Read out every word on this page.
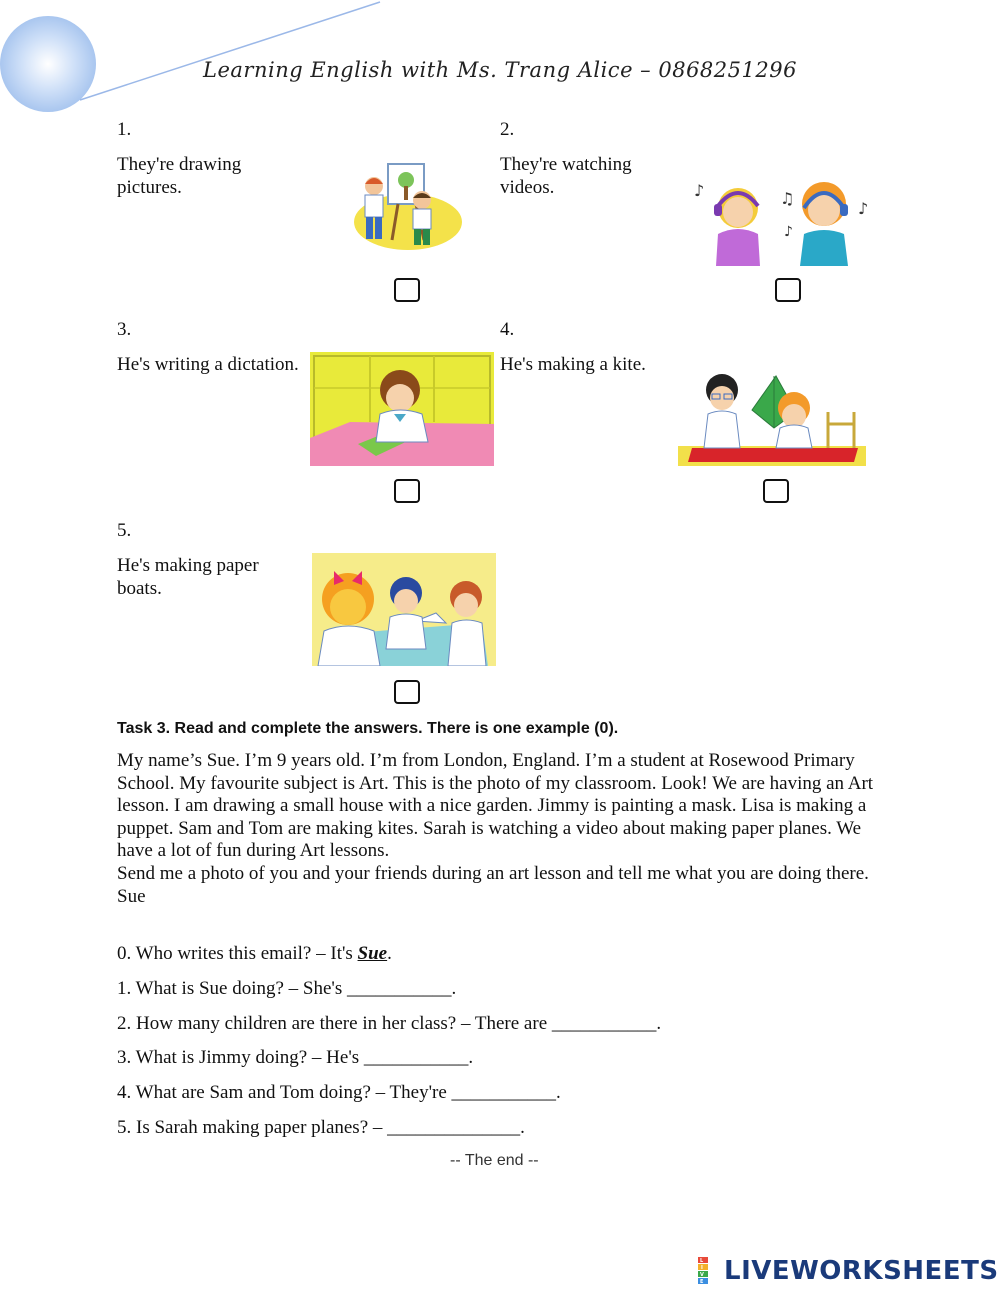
Learning English with Ms. Trang Alice – 0868251296
1.
They're drawing pictures.
2.
They're watching videos.	♪	♫
♪
♪
3.
He's writing a dictation.
4.
He's making a kite.
5.
He's making paper boats.
Task 3. Read and complete the answers. There is one example (0).
My name’s Sue. I’m 9 years old. I’m from London, England. I’m a student at Rosewood Primary School. My favourite subject is Art. This is the photo of my classroom. Look! We are having an Art lesson. I am drawing a small house with a nice garden. Jimmy is painting a mask. Lisa is making a puppet. Sam and Tom are making kites. Sarah is watching a video about making paper planes. We have a lot of fun during Art lessons.
Send me a photo of you and your friends during an art lesson and tell me what you are doing there.
Sue
0. Who writes this email? – It's Sue.
1. What is Sue doing? – She's ___________.
2. How many children are there in her class? – There are ___________.
3. What is Jimmy doing? – He's ___________.
4. What are Sam and Tom doing? – They're ___________.
5. Is Sarah making paper planes? – ______________.
-- The end --
L
I
V
E LIVEWORKSHEETS
